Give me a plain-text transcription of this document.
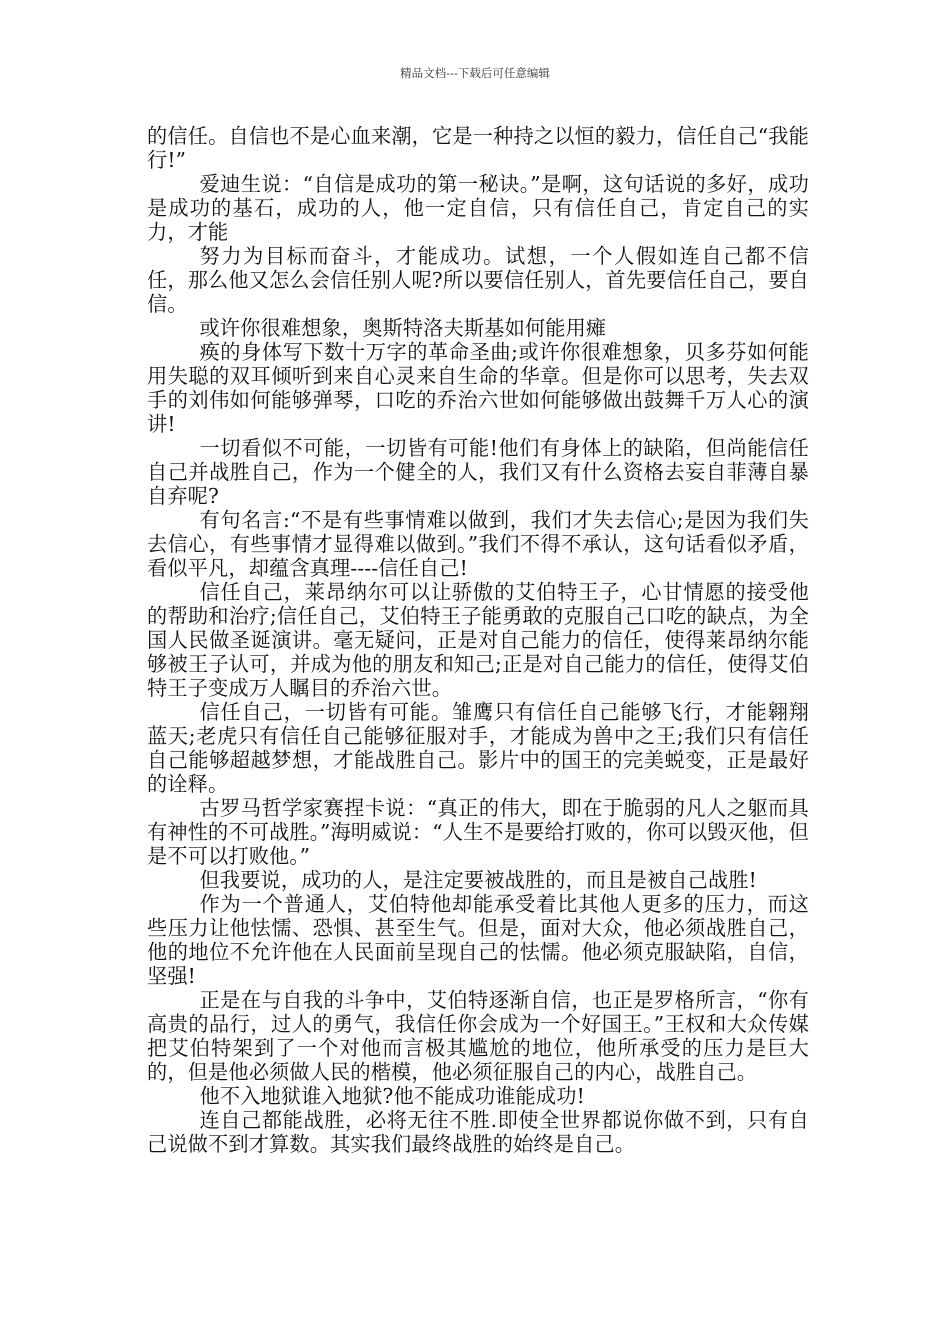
精品文档---下载后可任意编辑

的信任。自信也不是心血来潮，它是一种持之以恒的毅力，信任自己“我能行!”

爱迪生说：“自信是成功的第一秘诀。”是啊，这句话说的多好，成功是成功的基石，成功的人，他一定自信，只有信任自己，肯定自己的实力，才能

努力为目标而奋斗，才能成功。试想，一个人假如连自己都不信任，那么他又怎么会信任别人呢?所以要信任别人，首先要信任自己，要自信。

或许你很难想象，奥斯特洛夫斯基如何能用瘫

痪的身体写下数十万字的革命圣曲;或许你很难想象，贝多芬如何能用失聪的双耳倾听到来自心灵来自生命的华章。但是你可以思考，失去双手的刘伟如何能够弹琴，口吃的乔治六世如何能够做出鼓舞千万人心的演讲!

一切看似不可能，一切皆有可能!他们有身体上的缺陷，但尚能信任自己并战胜自己，作为一个健全的人，我们又有什么资格去妄自菲薄自暴自弃呢?

有句名言:“不是有些事情难以做到，我们才失去信心;是因为我们失去信心，有些事情才显得难以做到。”我们不得不承认，这句话看似矛盾，看似平凡，却蕴含真理----信任自己!

信任自己，莱昂纳尔可以让骄傲的艾伯特王子，心甘情愿的接受他的帮助和治疗;信任自己，艾伯特王子能勇敢的克服自己口吃的缺点，为全国人民做圣诞演讲。毫无疑问，正是对自己能力的信任，使得莱昂纳尔能够被王子认可，并成为他的朋友和知己;正是对自己能力的信任，使得艾伯特王子变成万人瞩目的乔治六世。

信任自己，一切皆有可能。雏鹰只有信任自己能够飞行，才能翱翔蓝天;老虎只有信任自己能够征服对手，才能成为兽中之王;我们只有信任自己能够超越梦想，才能战胜自己。影片中的国王的完美蜕变，正是最好的诠释。

古罗马哲学家赛捏卡说：“真正的伟大，即在于脆弱的凡人之躯而具有神性的不可战胜。”海明威说：“人生不是要给打败的，你可以毁灭他，但是不可以打败他。”

但我要说，成功的人，是注定要被战胜的，而且是被自己战胜!

作为一个普通人，艾伯特他却能承受着比其他人更多的压力，而这些压力让他怯懦、恐惧、甚至生气。但是，面对大众，他必须战胜自己，他的地位不允许他在人民面前呈现自己的怯懦。他必须克服缺陷，自信，坚强!

正是在与自我的斗争中，艾伯特逐渐自信，也正是罗格所言，“你有高贵的品行，过人的勇气，我信任你会成为一个好国王。”王权和大众传媒把艾伯特架到了一个对他而言极其尴尬的地位，他所承受的压力是巨大的，但是他必须做人民的楷模，他必须征服自己的内心，战胜自己。

他不入地狱谁入地狱?他不能成功谁能成功!

连自己都能战胜，必将无往不胜.即使全世界都说你做不到，只有自己说做不到才算数。其实我们最终战胜的始终是自己。
